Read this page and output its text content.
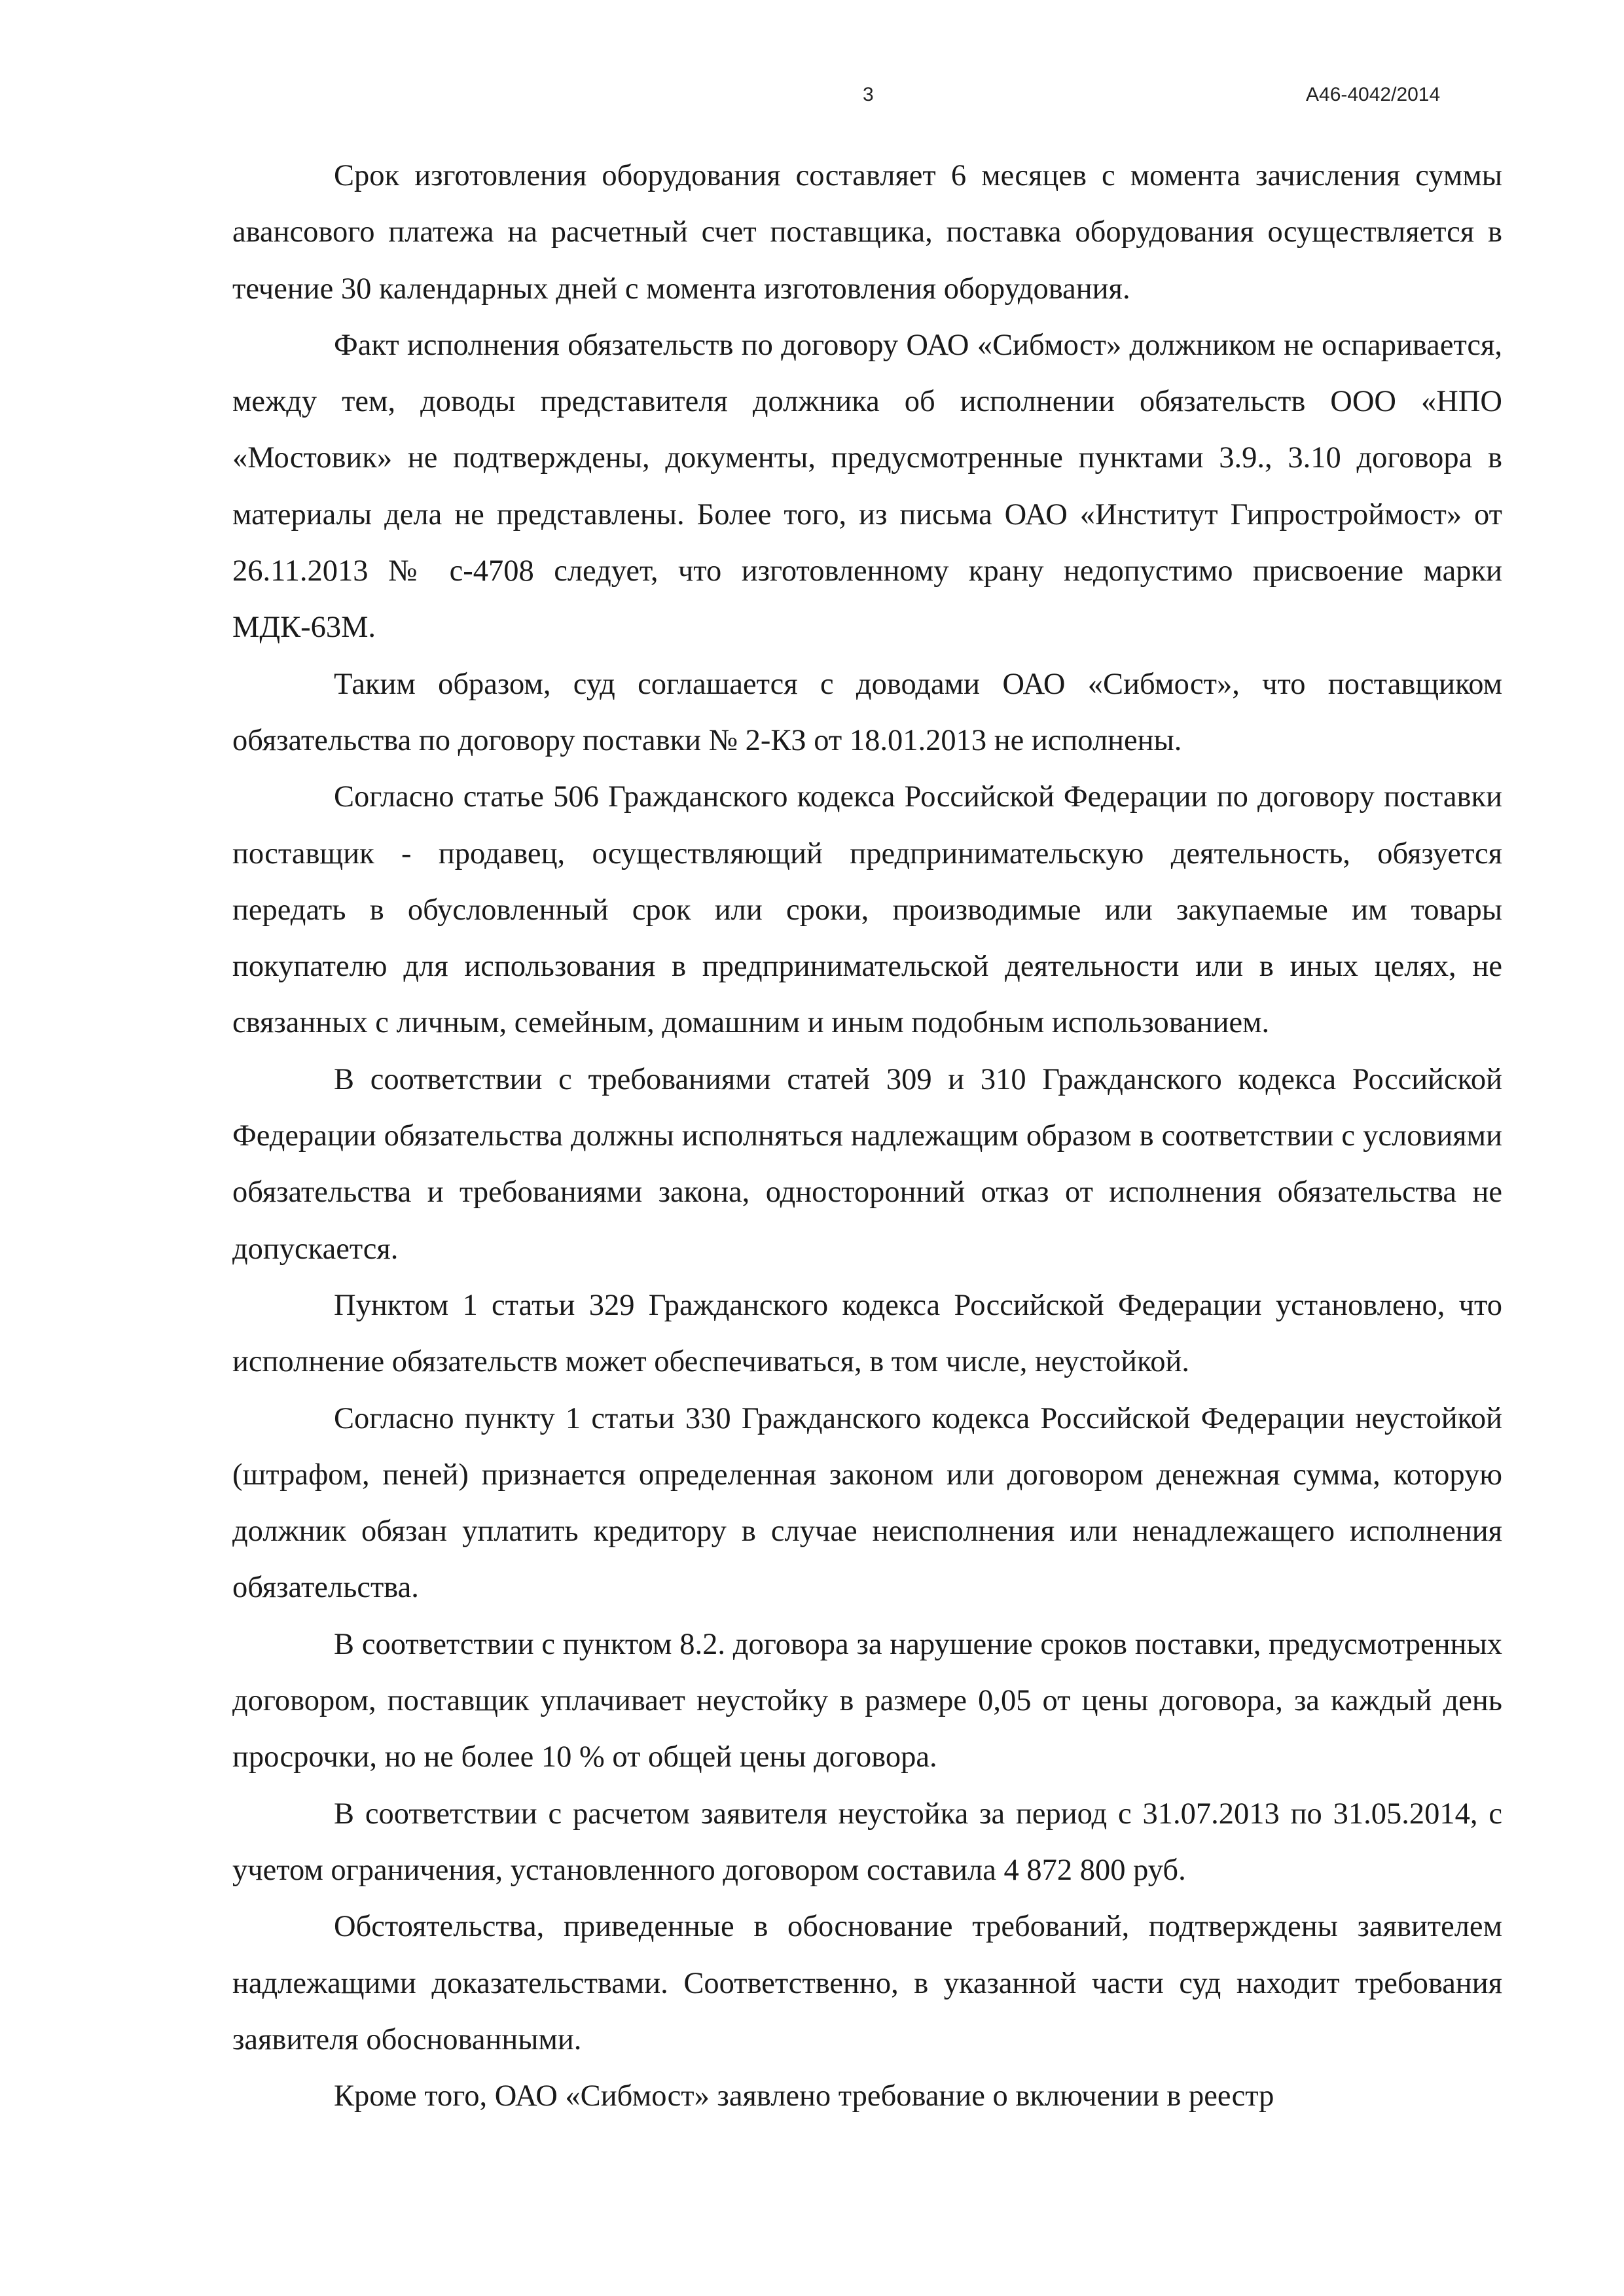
3	А46-4042/2014

Срок изготовления оборудования составляет 6 месяцев с момента зачисления суммы авансового платежа на расчетный счет поставщика, поставка оборудования осуществляется в течение 30 календарных дней с момента изготовления оборудования.

Факт исполнения обязательств по договору ОАО «Сибмост» должником не оспаривается, между тем, доводы представителя должника об исполнении обязательств ООО «НПО «Мостовик» не подтверждены, документы, предусмотренные пунктами 3.9., 3.10 договора в материалы дела не представлены. Более того, из письма ОАО «Институт Гипростроймост» от 26.11.2013 № с-4708 следует, что изготовленному крану недопустимо присвоение марки МДК-63М.

Таким образом, суд соглашается с доводами ОАО «Сибмост», что поставщиком обязательства по договору поставки № 2-КЗ от 18.01.2013 не исполнены.

Согласно статье 506 Гражданского кодекса Российской Федерации по договору поставки поставщик - продавец, осуществляющий предпринимательскую деятельность, обязуется передать в обусловленный срок или сроки, производимые или закупаемые им товары покупателю для использования в предпринимательской деятельности или в иных целях, не связанных с личным, семейным, домашним и иным подобным использованием.

В соответствии с требованиями статей 309 и 310 Гражданского кодекса Российской Федерации обязательства должны исполняться надлежащим образом в соответствии с условиями обязательства и требованиями закона, односторонний отказ от исполнения обязательства не допускается.

Пунктом 1 статьи 329 Гражданского кодекса Российской Федерации установлено, что исполнение обязательств может обеспечиваться, в том числе, неустойкой.

Согласно пункту 1 статьи 330 Гражданского кодекса Российской Федерации неустойкой (штрафом, пеней) признается определенная законом или договором денежная сумма, которую должник обязан уплатить кредитору в случае неисполнения или ненадлежащего исполнения обязательства.

В соответствии с пунктом 8.2. договора за нарушение сроков поставки, предусмотренных договором, поставщик уплачивает неустойку в размере 0,05 от цены договора, за каждый день просрочки, но не более 10 % от общей цены договора.

В соответствии с расчетом заявителя неустойка за период с 31.07.2013 по 31.05.2014, с учетом ограничения, установленного договором составила 4 872 800 руб.

Обстоятельства, приведенные в обоснование требований, подтверждены заявителем надлежащими доказательствами. Соответственно, в указанной части суд находит требования заявителя обоснованными.

Кроме того, ОАО «Сибмост» заявлено требование о включении в реестр
